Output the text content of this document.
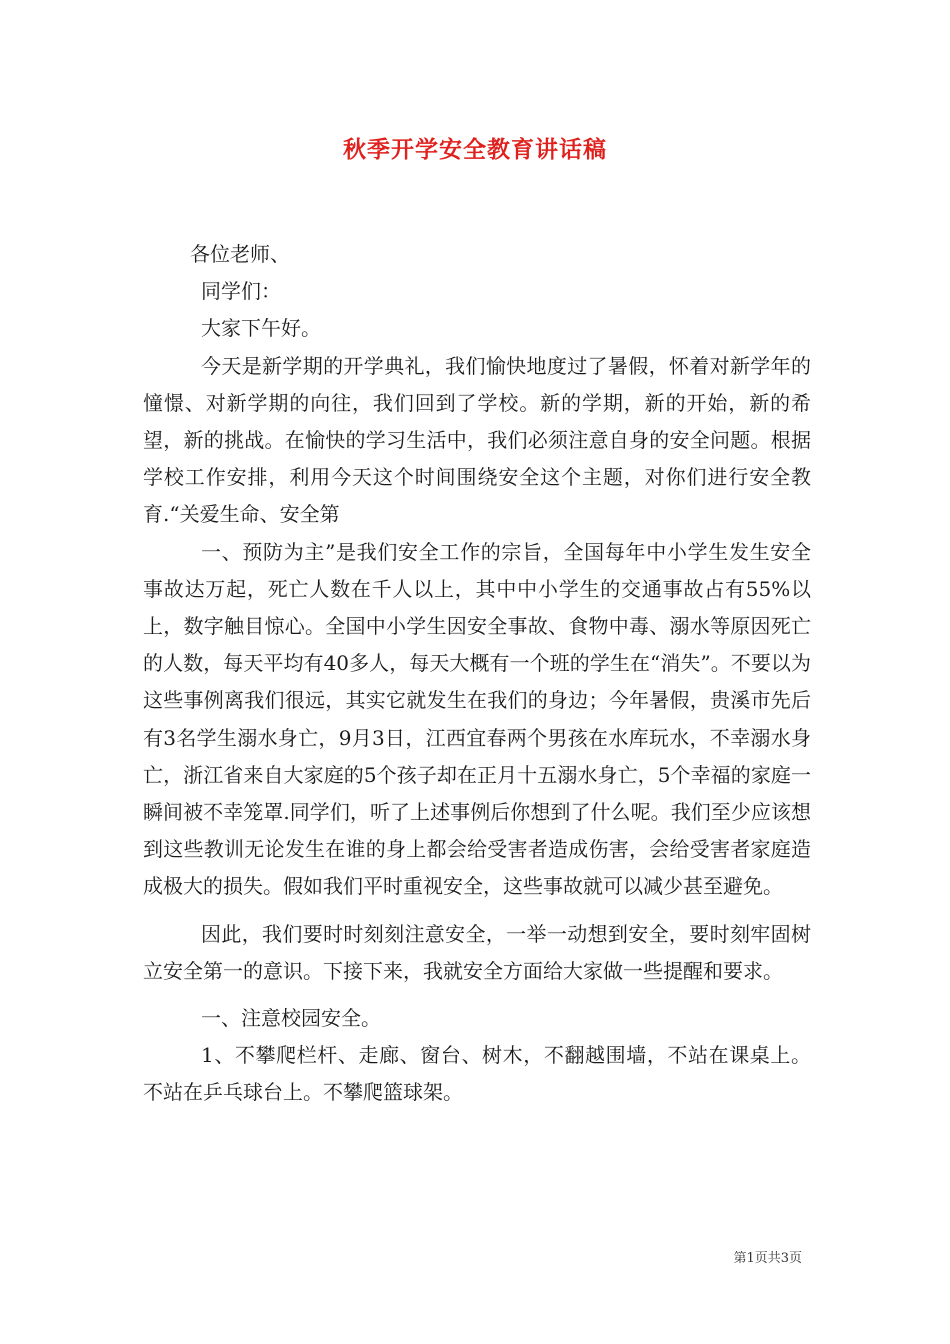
秋季开学安全教育讲话稿

各位老师、

同学们：

大家下午好。

今天是新学期的开学典礼，我们愉快地度过了暑假，怀着对新学年的憧憬、对新学期的向往，我们回到了学校。新的学期，新的开始，新的希望，新的挑战。在愉快的学习生活中，我们必须注意自身的安全问题。根据学校工作安排，利用今天这个时间围绕安全这个主题，对你们进行安全教育.“关爱生命、安全第

一、预防为主”是我们安全工作的宗旨，全国每年中小学生发生安全事故达万起，死亡人数在千人以上，其中中小学生的交通事故占有55%以上，数字触目惊心。全国中小学生因安全事故、食物中毒、溺水等原因死亡的人数，每天平均有40多人，每天大概有一个班的学生在“消失”。不要以为这些事例离我们很远，其实它就发生在我们的身边；今年暑假，贵溪市先后有3名学生溺水身亡，9月3日，江西宜春两个男孩在水库玩水，不幸溺水身亡，浙江省来自大家庭的5个孩子却在正月十五溺水身亡，5个幸福的家庭一瞬间被不幸笼罩.同学们，听了上述事例后你想到了什么呢。我们至少应该想到这些教训无论发生在谁的身上都会给受害者造成伤害，会给受害者家庭造成极大的损失。假如我们平时重视安全，这些事故就可以减少甚至避免。

因此，我们要时时刻刻注意安全，一举一动想到安全，要时刻牢固树立安全第一的意识。下接下来，我就安全方面给大家做一些提醒和要求。

一、注意校园安全。

1、不攀爬栏杆、走廊、窗台、树木，不翻越围墙，不站在课桌上。不站在乒乓球台上。不攀爬篮球架。

第1页共3页
